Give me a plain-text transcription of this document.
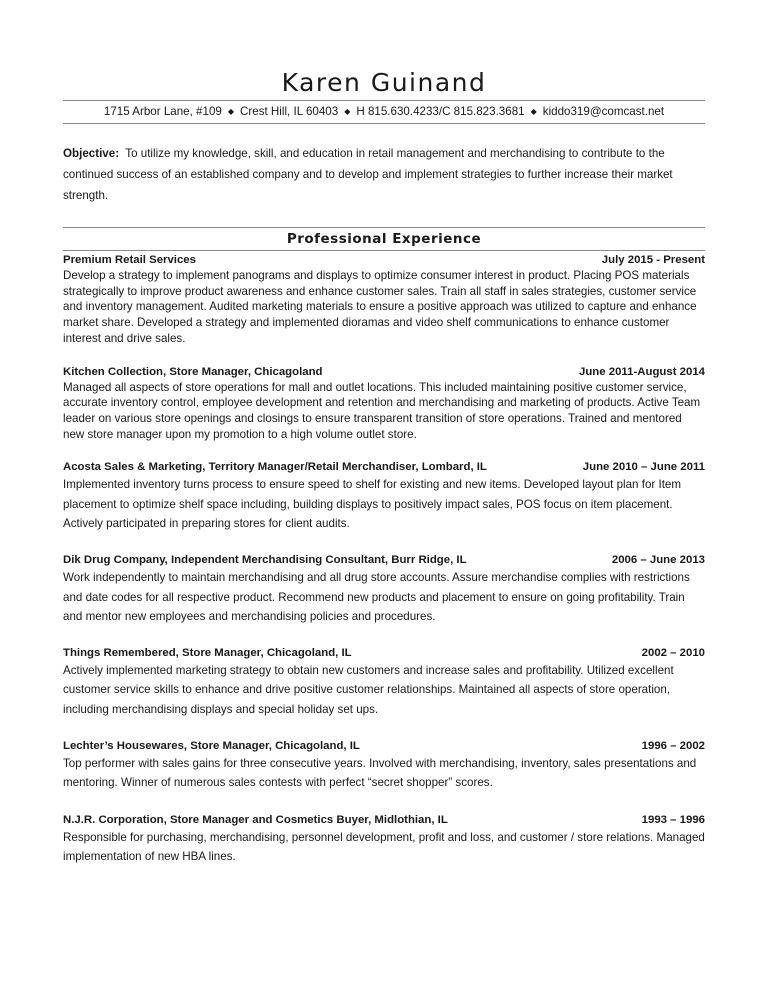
Karen Guinand
1715 Arbor Lane, #109 ◆ Crest Hill, IL 60403 ◆ H 815.630.4233/C 815.823.3681 ◆ kiddo319@comcast.net
Objective: To utilize my knowledge, skill, and education in retail management and merchandising to contribute to the continued success of an established company and to develop and implement strategies to further increase their market strength.
Professional Experience
Premium Retail Services	July 2015 - Present
Develop a strategy to implement panograms and displays to optimize consumer interest in product. Placing POS materials strategically to improve product awareness and enhance customer sales. Train all staff in sales strategies, customer service and inventory management. Audited marketing materials to ensure a positive approach was utilized to capture and enhance market share. Developed a strategy and implemented dioramas and video shelf communications to enhance customer interest and drive sales.
Kitchen Collection, Store Manager, Chicagoland	June 2011-August 2014
Managed all aspects of store operations for mall and outlet locations. This included maintaining positive customer service, accurate inventory control, employee development and retention and merchandising and marketing of products. Active Team leader on various store openings and closings to ensure transparent transition of store operations. Trained and mentored new store manager upon my promotion to a high volume outlet store.
Acosta Sales & Marketing, Territory Manager/Retail Merchandiser, Lombard, IL	June 2010 – June 2011
Implemented inventory turns process to ensure speed to shelf for existing and new items. Developed layout plan for Item placement to optimize shelf space including, building displays to positively impact sales, POS focus on item placement. Actively participated in preparing stores for client audits.
Dik Drug Company, Independent Merchandising Consultant, Burr Ridge, IL	2006 – June 2013
Work independently to maintain merchandising and all drug store accounts. Assure merchandise complies with restrictions and date codes for all respective product. Recommend new products and placement to ensure on going profitability. Train and mentor new employees and merchandising policies and procedures.
Things Remembered, Store Manager, Chicagoland, IL	2002 – 2010
Actively implemented marketing strategy to obtain new customers and increase sales and profitability. Utilized excellent customer service skills to enhance and drive positive customer relationships. Maintained all aspects of store operation, including merchandising displays and special holiday set ups.
Lechter’s Housewares, Store Manager, Chicagoland, IL	1996 – 2002
Top performer with sales gains for three consecutive years. Involved with merchandising, inventory, sales presentations and mentoring. Winner of numerous sales contests with perfect “secret shopper” scores.
N.J.R. Corporation, Store Manager and Cosmetics Buyer, Midlothian, IL	1993 – 1996
Responsible for purchasing, merchandising, personnel development, profit and loss, and customer / store relations. Managed implementation of new HBA lines.
